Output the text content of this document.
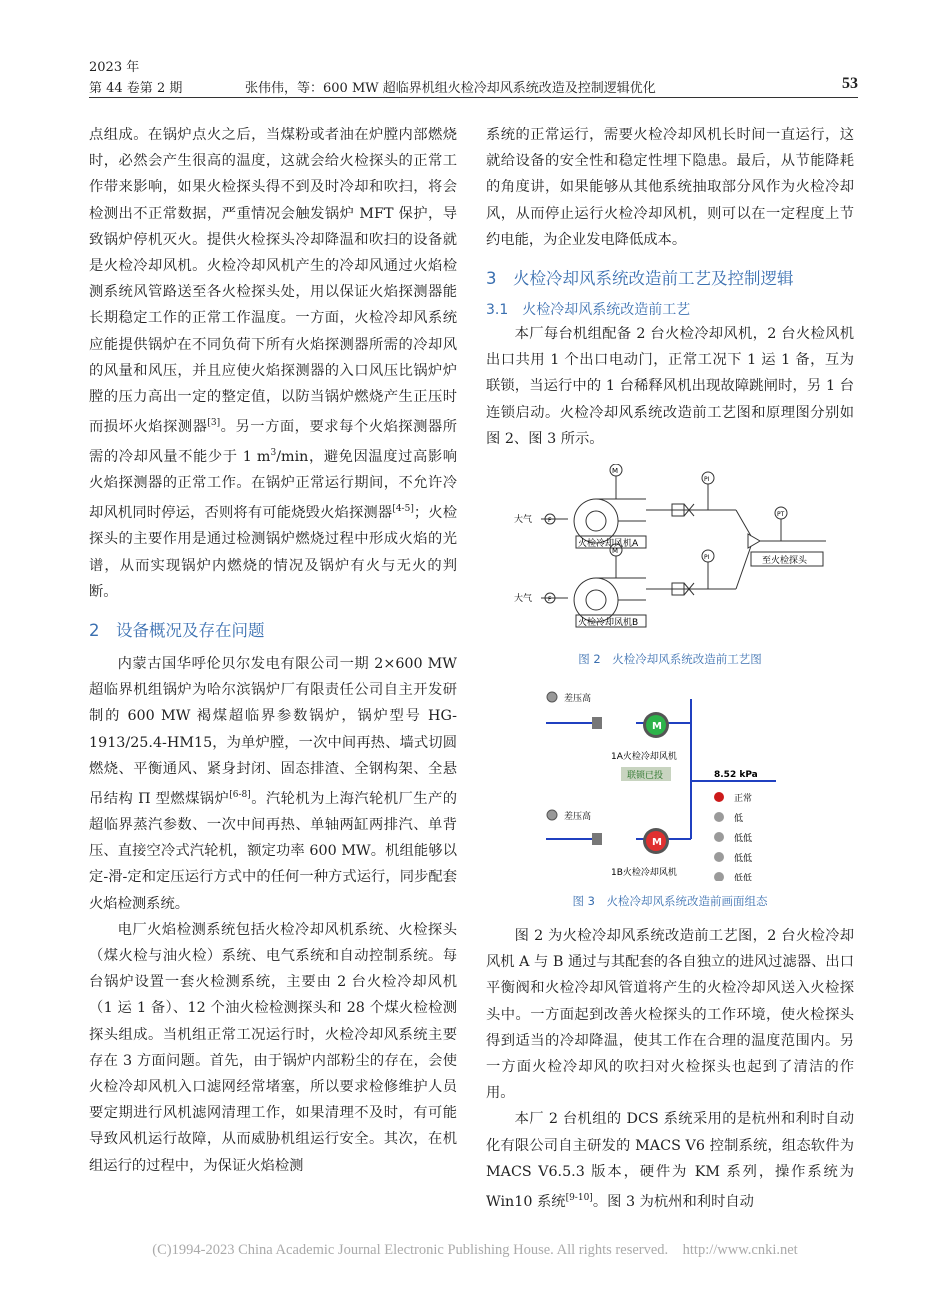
2023 年
第 44 卷第 2 期	张伟伟，等：600 MW 超临界机组火检冷却风系统改造及控制逻辑优化	53

点组成。在锅炉点火之后，当煤粉或者油在炉膛内部燃烧时，必然会产生很高的温度，这就会给火检探头的正常工作带来影响，如果火检探头得不到及时冷却和吹扫，将会检测出不正常数据，严重情况会触发锅炉 MFT 保护，导致锅炉停机灭火。提供火检探头冷却降温和吹扫的设备就是火检冷却风机。火检冷却风机产生的冷却风通过火焰检测系统风管路送至各火检探头处，用以保证火焰探测器能长期稳定工作的正常工作温度。一方面，火检冷却风系统应能提供锅炉在不同负荷下所有火焰探测器所需的冷却风的风量和风压，并且应使火焰探测器的入口风压比锅炉炉膛的压力高出一定的整定值，以防当锅炉燃烧产生正压时而损坏火焰探测器[3]。另一方面，要求每个火焰探测器所需的冷却风量不能少于 1 $m^3/\min$，避免因温度过高影响火焰探测器的正常工作。在锅炉正常运行期间，不允许冷却风机同时停运，否则将有可能烧毁火焰探测器[4-5]；火检探头的主要作用是通过检测锅炉燃烧过程中形成火焰的光谱，从而实现锅炉内燃烧的情况及锅炉有火与无火的判断。

2　设备概况及存在问题

内蒙古国华呼伦贝尔发电有限公司一期 2×600 MW 超临界机组锅炉为哈尔滨锅炉厂有限责任公司自主开发研制的 600 MW 褐煤超临界参数锅炉，锅炉型号 HG-1913/25.4-HM15，为单炉膛，一次中间再热、墙式切圆燃烧、平衡通风、紧身封闭、固态排渣、全钢构架、全悬吊结构 Π 型燃煤锅炉[6-8]。汽轮机为上海汽轮机厂生产的超临界蒸汽参数、一次中间再热、单轴两缸两排汽、单背压、直接空冷式汽轮机，额定功率 600 MW。机组能够以定-滑-定和定压运行方式中的任何一种方式运行，同步配套火焰检测系统。

电厂火焰检测系统包括火检冷却风机系统、火检探头（煤火检与油火检）系统、电气系统和自动控制系统。每台锅炉设置一套火检测系统，主要由 2 台火检冷却风机（1 运 1 备）、12 个油火检检测探头和 28 个煤火检检测探头组成。当机组正常工况运行时，火检冷却风系统主要存在 3 方面问题。首先，由于锅炉内部粉尘的存在，会使火检冷却风机入口滤网经常堵塞，所以要求检修维护人员要定期进行风机滤网清理工作，如果清理不及时，有可能导致风机运行故障，从而威胁机组运行安全。其次，在机组运行的过程中，为保证火焰检测

系统的正常运行，需要火检冷却风机长时间一直运行，这就给设备的安全性和稳定性埋下隐患。最后，从节能降耗的角度讲，如果能够从其他系统抽取部分风作为火检冷却风，从而停止运行火检冷却风机，则可以在一定程度上节约电能，为企业发电降低成本。

3　火检冷却风系统改造前工艺及控制逻辑
3.1　火检冷却风系统改造前工艺

本厂每台机组配备 2 台火检冷却风机，2 台火检风机出口共用 1 个出口电动门，正常工况下 1 运 1 备，互为联锁，当运行中的 1 台稀释风机出现故障跳闸时，另 1 台连锁启动。火检冷却风系统改造前工艺图和原理图分别如图 2、图 3 所示。

M
M
PI
PI
PT
F
F
大气
大气
火检冷却风机A
火检冷却风机B
至火检探头
图 2　火检冷却风系统改造前工艺图
差压高
差压高
M
M
1A火检冷却风机
1B火检冷却风机
联锁已投	8.52 kPa
正常
低
低低
低低
低低
图 3　火检冷却风系统改造前画面组态

图 2 为火检冷却风系统改造前工艺图，2 台火检冷却风机 A 与 B 通过与其配套的各自独立的进风过滤器、出口平衡阀和火检冷却风管道将产生的火检冷却风送入火检探头中。一方面起到改善火检探头的工作环境，使火检探头得到适当的冷却降温，使其工作在合理的温度范围内。另一方面火检冷却风的吹扫对火检探头也起到了清洁的作用。

本厂 2 台机组的 DCS 系统采用的是杭州和利时自动化有限公司自主研发的 MACS V6 控制系统，组态软件为 MACS V6.5.3 版本，硬件为 KM 系列，操作系统为 Win10 系统[9-10]。图 3 为杭州和利时自动

(C)1994-2023 China Academic Journal Electronic Publishing House. All rights reserved.　http://www.cnki.net
